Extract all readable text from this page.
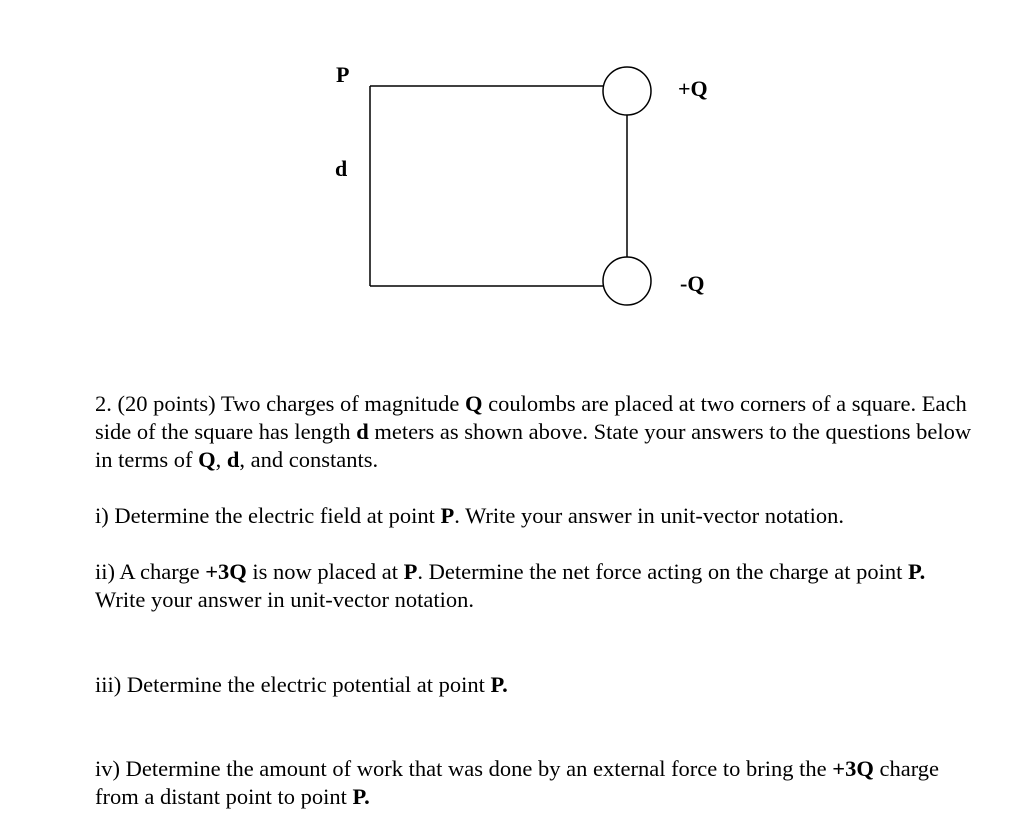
P
d
+Q
-Q

2. (20 points) Two charges of magnitude Q coulombs are placed at two corners of a square. Each side of the square has length d meters as shown above. State your answers to the questions below in terms of Q, d, and constants.

i) Determine the electric field at point P. Write your answer in unit-vector notation.

ii) A charge +3Q is now placed at P. Determine the net force acting on the charge at point P. Write your answer in unit-vector notation.

iii) Determine the electric potential at point P.

iv) Determine the amount of work that was done by an external force to bring the +3Q charge from a distant point to point P.
